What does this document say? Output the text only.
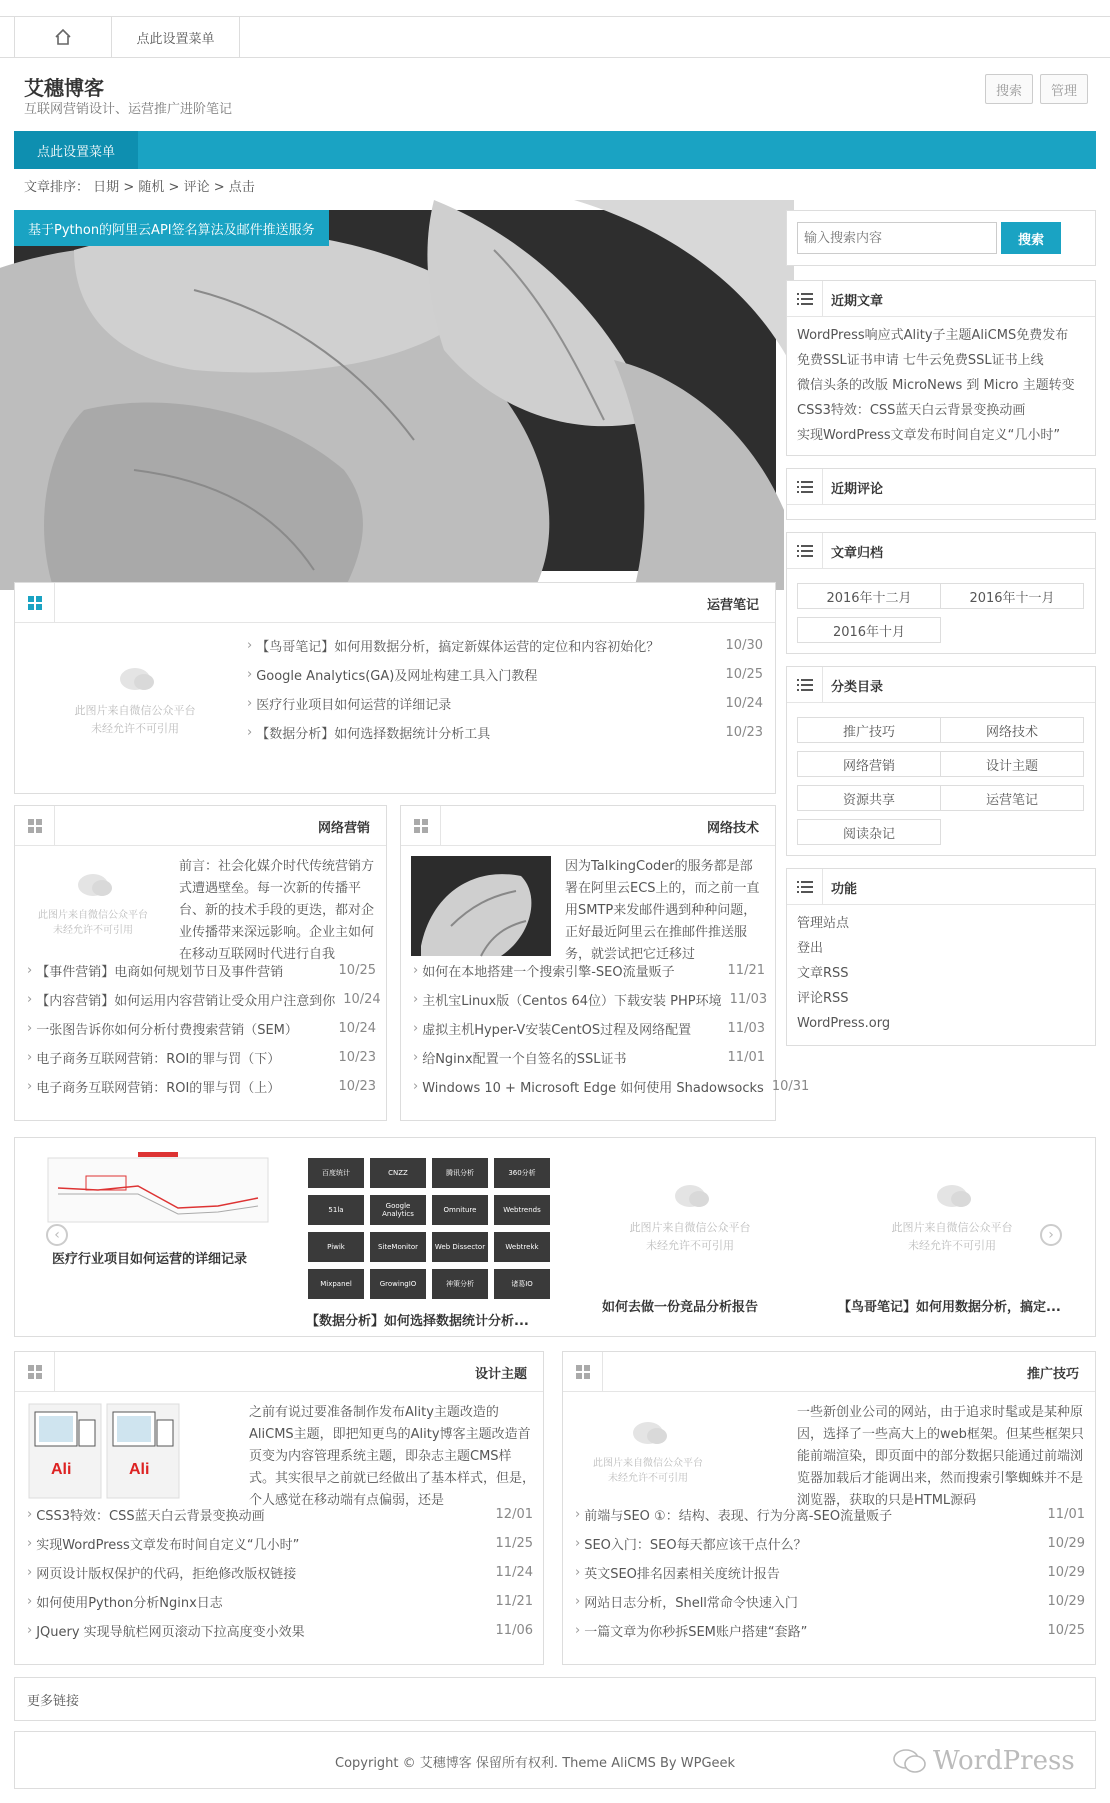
点此设置菜单
艾穗博客
互联网营销设计、运营推广进阶笔记
搜索	管理
点此设置菜单
文章排序： 日期 > 随机 > 评论 > 点击
基于Python的阿里云API签名算法及邮件推送服务
运营笔记
此图片来自微信公众平台
未经允许不可引用
› 【鸟哥笔记】如何用数据分析，搞定新媒体运营的定位和内容初始化？	10/30
› Google Analytics(GA)及网址构建工具入门教程	10/25
› 医疗行业项目如何运营的详细记录	10/24
› 【数据分析】如何选择数据统计分析工具	10/23
网络营销
此图片来自微信公众平台
未经允许不可引用
前言：社会化媒介时代传统营销方式遭遇壁垒。每一次新的传播平台、新的技术手段的更迭，都对企业传播带来深远影响。企业主如何在移动互联网时代进行自我
› 【事件营销】电商如何规划节日及事件营销	10/25
› 【内容营销】如何运用内容营销让受众用户注意到你 10/24
› 一张图告诉你如何分析付费搜索营销（SEM）	10/24
› 电子商务互联网营销：ROI的罪与罚（下）	10/23
› 电子商务互联网营销：ROI的罪与罚（上）	10/23
网络技术
因为TalkingCoder的服务都是部署在阿里云ECS上的，而之前一直用SMTP来发邮件遇到种种问题，正好最近阿里云在推邮件推送服务，就尝试把它迁移过
› 如何在本地搭建一个搜索引擎-SEO流量贩子	11/21
› 主机宝Linux版（Centos 64位）下载安装 PHP环境 11/03
› 虚拟主机Hyper-V安装CentOS过程及网络配置	11/03
› 给Nginx配置一个自签名的SSL证书	11/01
› Windows 10 + Microsoft Edge 如何使用 Shadowsocks 10/31
输入搜索内容
搜索
近期文章
WordPress响应式Ality子主题AliCMS免费发布
免费SSL证书申请 七牛云免费SSL证书上线
微信头条的改版 MicroNews 到 Micro 主题转变
CSS3特效：CSS蓝天白云背景变换动画
实现WordPress文章发布时间自定义“几小时”
近期评论
文章归档
2016年十二月	2016年十一月
2016年十月
分类目录
推广技巧	网络技术
网络营销	设计主题
资源共享	运营笔记
阅读杂记
功能
管理站点
登出
文章RSS
评论RSS
WordPress.org
‹
医疗行业项目如何运营的详细记录
百度统计	CNZZ	腾讯分析	360分析
51la	Google Analytics	Omniture	Webtrends
Piwik	SiteMonitor	Web Dissector	Webtrekk
Mixpanel	GrowingIO	神策分析	诸葛IO
【数据分析】如何选择数据统计分析...
此图片来自微信公众平台
未经允许不可引用
如何去做一份竞品分析报告
此图片来自微信公众平台
未经允许不可引用
【鸟哥笔记】如何用数据分析，搞定...
›
设计主题
Ali	Ali
之前有说过要准备制作发布Ality主题改造的AliCMS主题，即把知更鸟的Ality博客主题改造首页变为内容管理系统主题，即杂志主题CMS样式。其实很早之前就已经做出了基本样式，但是，个人感觉在移动端有点偏弱，还是
› CSS3特效：CSS蓝天白云背景变换动画	12/01
› 实现WordPress文章发布时间自定义“几小时”	11/25
› 网页设计版权保护的代码，拒绝修改版权链接	11/24
› 如何使用Python分析Nginx日志	11/21
› JQuery 实现导航栏网页滚动下拉高度变小效果	11/06
推广技巧
此图片来自微信公众平台
未经允许不可引用
一些新创业公司的网站，由于追求时髦或是某种原因，选择了一些高大上的web框架。但某些框架只能前端渲染，即页面中的部分数据只能通过前端浏览器加载后才能调出来，然而搜索引擎蜘蛛并不是浏览器，获取的只是HTML源码
› 前端与SEO ①：结构、表现、行为分离-SEO流量贩子	11/01
› SEO入门：SEO每天都应该干点什么？	10/29
› 英文SEO排名因素相关度统计报告	10/29
› 网站日志分析，Shell常命令快速入门	10/29
› 一篇文章为你秒拆SEM账户搭建“套路”	10/25
更多链接
Copyright © 艾穗博客 保留所有权利. Theme AliCMS By WPGeek	WordPress
